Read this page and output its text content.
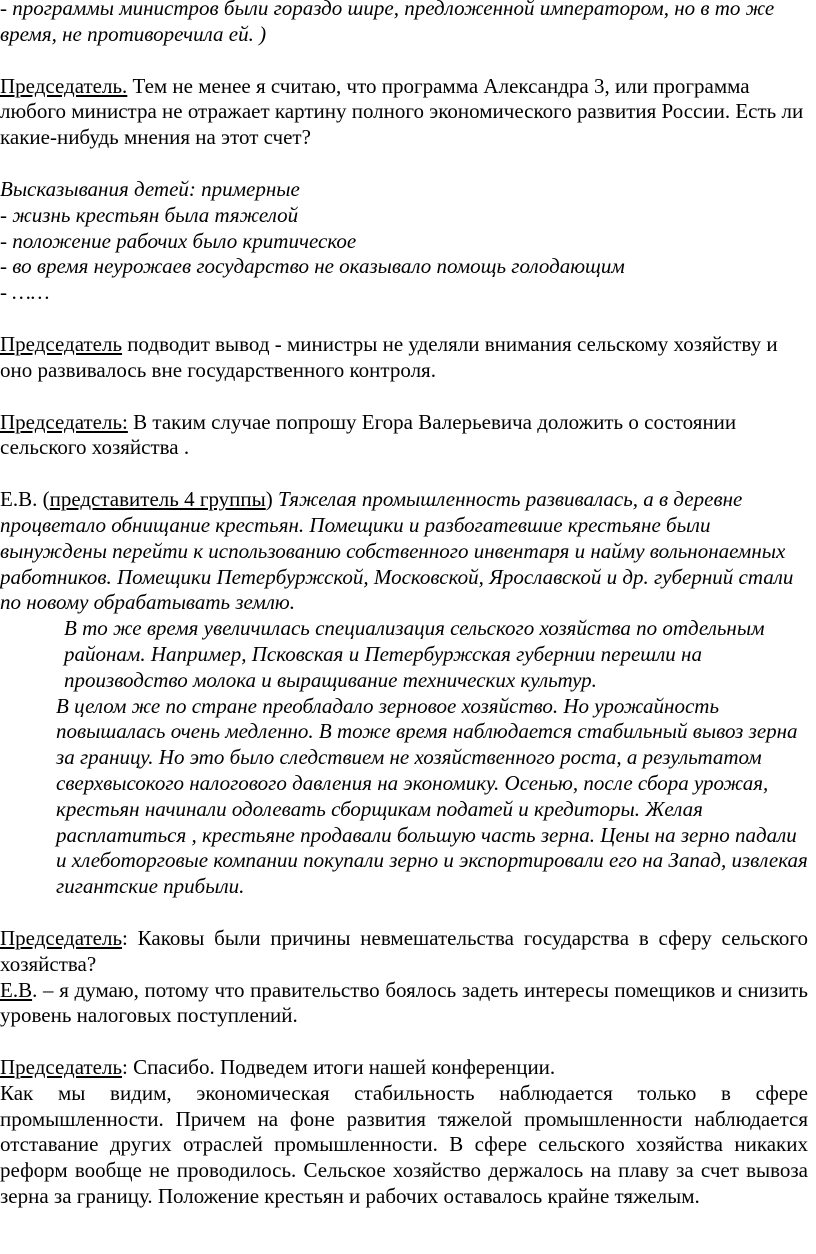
- программы министров были гораздо шире, предложенной императором, но в то же время, не противоречила ей. )

Председатель. Тем не менее я считаю, что программа Александра 3, или программа любого министра не отражает картину полного экономического развития России. Есть ли какие-нибудь мнения на этот счет?

Высказывания детей: примерные

- жизнь крестьян была тяжелой

- положение рабочих было критическое

- во время неурожаев государство не оказывало помощь голодающим

- ……

Председатель подводит вывод - министры не уделяли внимания сельскому хозяйству и оно развивалось вне государственного контроля.

Председатель: В таким случае попрошу Егора Валерьевича доложить о состоянии сельского хозяйства .

Е.В. (представитель 4 группы) Тяжелая промышленность развивалась, а в деревне процветало обнищание крестьян. Помещики и разбогатевшие крестьяне были вынуждены перейти к использованию собственного инвентаря и найму вольнонаемных работников. Помещики Петербуржской, Московской, Ярославской и др. губерний стали по новому обрабатывать землю.

В то же время увеличилась специализация сельского хозяйства по отдельным районам. Например, Псковская и Петербуржская губернии перешли на производство молока и выращивание технических культур.

В целом же по стране преобладало зерновое хозяйство. Но урожайность повышалась очень медленно. В тоже время наблюдается стабильный вывоз зерна за границу. Но это было следствием не хозяйственного роста, а результатом сверхвысокого налогового давления на экономику. Осенью, после сбора урожая, крестьян начинали одолевать сборщикам податей и кредиторы. Желая расплатиться , крестьяне продавали большую часть зерна. Цены на зерно падали и хлеботорговые компании покупали зерно и экспортировали его на Запад, извлекая гигантские прибыли.

Председатель: Каковы были причины невмешательства государства в сферу сельского хозяйства?

Е.В. – я думаю, потому что правительство боялось задеть интересы помещиков и снизить уровень налоговых поступлений.

Председатель: Спасибо. Подведем итоги нашей конференции.

Как мы видим, экономическая стабильность наблюдается только в сфере промышленности. Причем на фоне развития тяжелой промышленности наблюдается отставание других отраслей промышленности. В сфере сельского хозяйства никаких реформ вообще не проводилось. Сельское хозяйство держалось на плаву за счет вывоза зерна за границу. Положение крестьян и рабочих оставалось крайне тяжелым.
